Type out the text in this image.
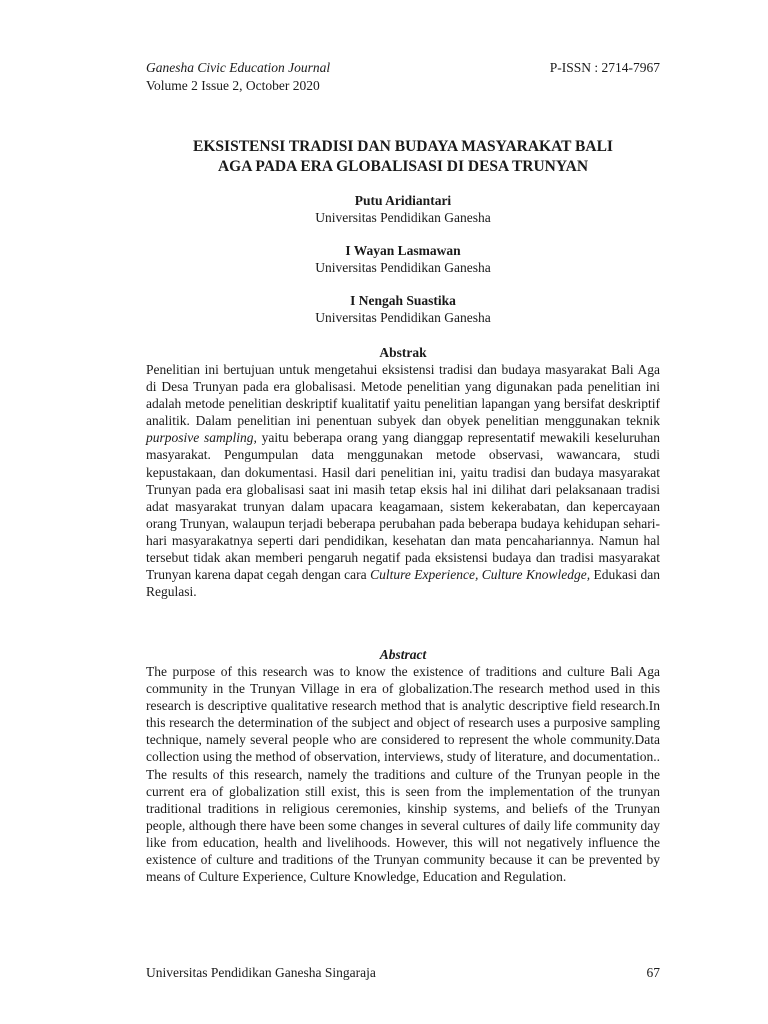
Ganesha Civic Education Journal	P-ISSN : 2714-7967
Volume 2 Issue 2, October 2020
EKSISTENSI TRADISI DAN BUDAYA MASYARAKAT BALI
AGA PADA ERA GLOBALISASI DI DESA TRUNYAN
Putu Aridiantari
Universitas Pendidikan Ganesha
I Wayan Lasmawan
Universitas Pendidikan Ganesha
I Nengah Suastika
Universitas Pendidikan Ganesha
Abstrak

Penelitian ini bertujuan untuk mengetahui eksistensi tradisi dan budaya masyarakat Bali Aga di Desa Trunyan pada era globalisasi. Metode penelitian yang digunakan pada penelitian ini adalah metode penelitian deskriptif kualitatif yaitu penelitian lapangan yang bersifat deskriptif analitik. Dalam penelitian ini penentuan subyek dan obyek penelitian menggunakan teknik purposive sampling, yaitu beberapa orang yang dianggap representatif mewakili keseluruhan masyarakat. Pengumpulan data menggunakan metode observasi, wawancara, studi kepustakaan, dan dokumentasi. Hasil dari penelitian ini, yaitu tradisi dan budaya masyarakat Trunyan pada era globalisasi saat ini masih tetap eksis hal ini dilihat dari pelaksanaan tradisi adat masyarakat trunyan dalam upacara keagamaan, sistem kekerabatan, dan kepercayaan orang Trunyan, walaupun terjadi beberapa perubahan pada beberapa budaya kehidupan sehari-hari masyarakatnya seperti dari pendidikan, kesehatan dan mata pencahariannya. Namun hal tersebut tidak akan memberi pengaruh negatif pada eksistensi budaya dan tradisi masyarakat Trunyan karena dapat cegah dengan cara Culture Experience, Culture Knowledge, Edukasi dan Regulasi.

Abstract

The purpose of this research was to know the existence of traditions and culture Bali Aga community in the Trunyan Village in era of globalization.The research method used in this research is descriptive qualitative research method that is analytic descriptive field research.In this research the determination of the subject and object of research uses a purposive sampling technique, namely several people who are considered to represent the whole community.Data collection using the method of observation, interviews, study of literature, and documentation.. The results of this research, namely the traditions and culture of the Trunyan people in the current era of globalization still exist, this is seen from the implementation of the trunyan traditional traditions in religious ceremonies, kinship systems, and beliefs of the Trunyan people, although there have been some changes in several cultures of daily life community day like from education, health and livelihoods. However, this will not negatively influence the existence of culture and traditions of the Trunyan community because it can be prevented by means of Culture Experience, Culture Knowledge, Education and Regulation.

Universitas Pendidikan Ganesha Singaraja	67
